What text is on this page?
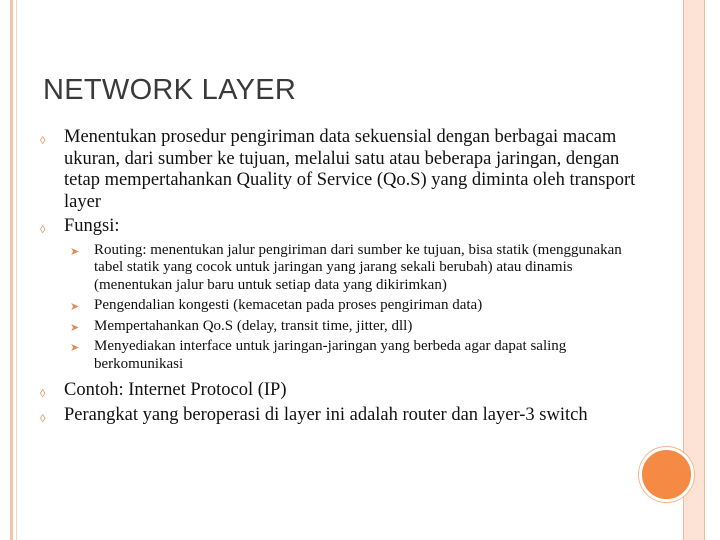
NETWORK LAYER
◊ Menentukan prosedur pengiriman data sekuensial dengan berbagai macam ukuran, dari sumber ke tujuan, melalui satu atau beberapa jaringan, dengan tetap mempertahankan Quality of Service (Qo.S) yang diminta oleh transport layer
◊ Fungsi:
➤ Routing: menentukan jalur pengiriman dari sumber ke tujuan, bisa statik (menggunakan tabel statik yang cocok untuk jaringan yang jarang sekali berubah) atau dinamis (menentukan jalur baru untuk setiap data yang dikirimkan)
➤ Pengendalian kongesti (kemacetan pada proses pengiriman data)
➤ Mempertahankan Qo.S (delay, transit time, jitter, dll)
➤ Menyediakan interface untuk jaringan-jaringan yang berbeda agar dapat saling berkomunikasi
◊ Contoh: Internet Protocol (IP)
◊ Perangkat yang beroperasi di layer ini adalah router dan layer-3 switch
